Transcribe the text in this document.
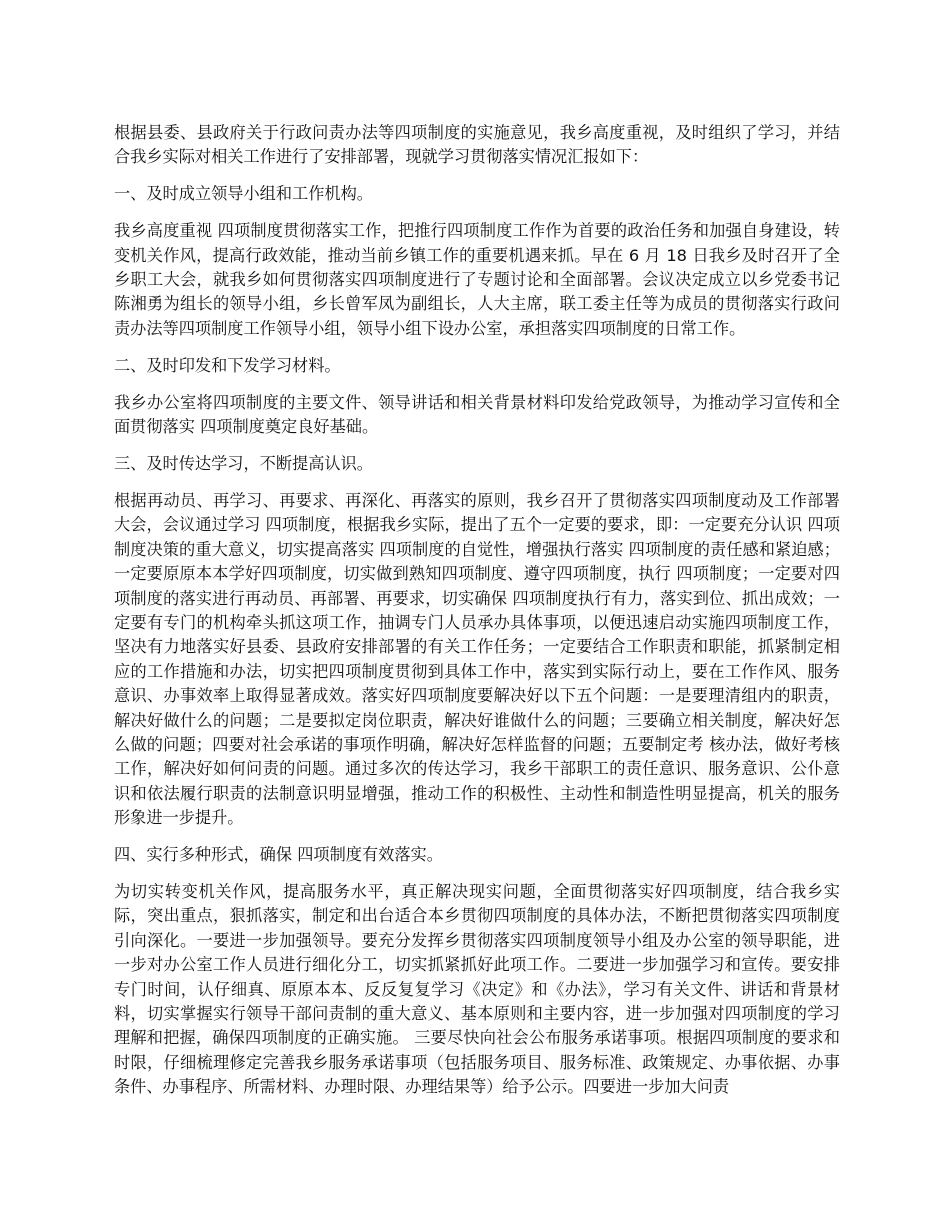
根据县委、县政府关于行政问责办法等四项制度的实施意见，我乡高度重视，及时组织了学习，并结合我乡实际对相关工作进行了安排部署，现就学习贯彻落实情况汇报如下：

一、及时成立领导小组和工作机构。

我乡高度重视 四项制度贯彻落实工作，把推行四项制度工作作为首要的政治任务和加强自身建设，转变机关作风，提高行政效能，推动当前乡镇工作的重要机遇来抓。早在 6 月 18 日我乡及时召开了全乡职工大会，就我乡如何贯彻落实四项制度进行了专题讨论和全面部署。会议决定成立以乡党委书记陈湘勇为组长的领导小组，乡长曾军凤为副组长，人大主席，联工委主任等为成员的贯彻落实行政问责办法等四项制度工作领导小组，领导小组下设办公室，承担落实四项制度的日常工作。

二、及时印发和下发学习材料。

我乡办公室将四项制度的主要文件、领导讲话和相关背景材料印发给党政领导，为推动学习宣传和全面贯彻落实 四项制度奠定良好基础。

三、及时传达学习，不断提高认识。

根据再动员、再学习、再要求、再深化、再落实的原则，我乡召开了贯彻落实四项制度动及工作部署大会，会议通过学习 四项制度，根据我乡实际，提出了五个一定要的要求，即：一定要充分认识 四项制度决策的重大意义，切实提高落实 四项制度的自觉性，增强执行落实 四项制度的责任感和紧迫感；一定要原原本本学好四项制度，切实做到熟知四项制度、遵守四项制度，执行 四项制度；一定要对四项制度的落实进行再动员、再部署、再要求，切实确保 四项制度执行有力，落实到位、抓出成效；一定要有专门的机构牵头抓这项工作，抽调专门人员承办具体事项，以便迅速启动实施四项制度工作，坚决有力地落实好县委、县政府安排部署的有关工作任务；一定要结合工作职责和职能，抓紧制定相应的工作措施和办法，切实把四项制度贯彻到具体工作中，落实到实际行动上，要在工作作风、服务意识、办事效率上取得显著成效。落实好四项制度要解决好以下五个问题：一是要理清组内的职责，解决好做什么的问题；二是要拟定岗位职责，解决好谁做什么的问题；三要确立相关制度，解决好怎么做的问题；四要对社会承诺的事项作明确，解决好怎样监督的问题；五要制定考 核办法，做好考核工作，解决好如何问责的问题。通过多次的传达学习，我乡干部职工的责任意识、服务意识、公仆意识和依法履行职责的法制意识明显增强，推动工作的积极性、主动性和制造性明显提高，机关的服务形象进一步提升。

四、实行多种形式，确保 四项制度有效落实。

为切实转变机关作风，提高服务水平，真正解决现实问题，全面贯彻落实好四项制度，结合我乡实际，突出重点，狠抓落实，制定和出台适合本乡贯彻四项制度的具体办法，不断把贯彻落实四项制度引向深化。一要进一步加强领导。要充分发挥乡贯彻落实四项制度领导小组及办公室的领导职能，进一步对办公室工作人员进行细化分工，切实抓紧抓好此项工作。二要进一步加强学习和宣传。要安排专门时间，认仔细真、原原本本、反反复复学习《决定》和《办法》，学习有关文件、讲话和背景材料，切实掌握实行领导干部问责制的重大意义、基本原则和主要内容，进一步加强对四项制度的学习理解和把握，确保四项制度的正确实施。 三要尽快向社会公布服务承诺事项。根据四项制度的要求和时限，仔细梳理修定完善我乡服务承诺事项（包括服务项目、服务标准、政策规定、办事依据、办事条件、办事程序、所需材料、办理时限、办理结果等）给予公示。四要进一步加大问责
